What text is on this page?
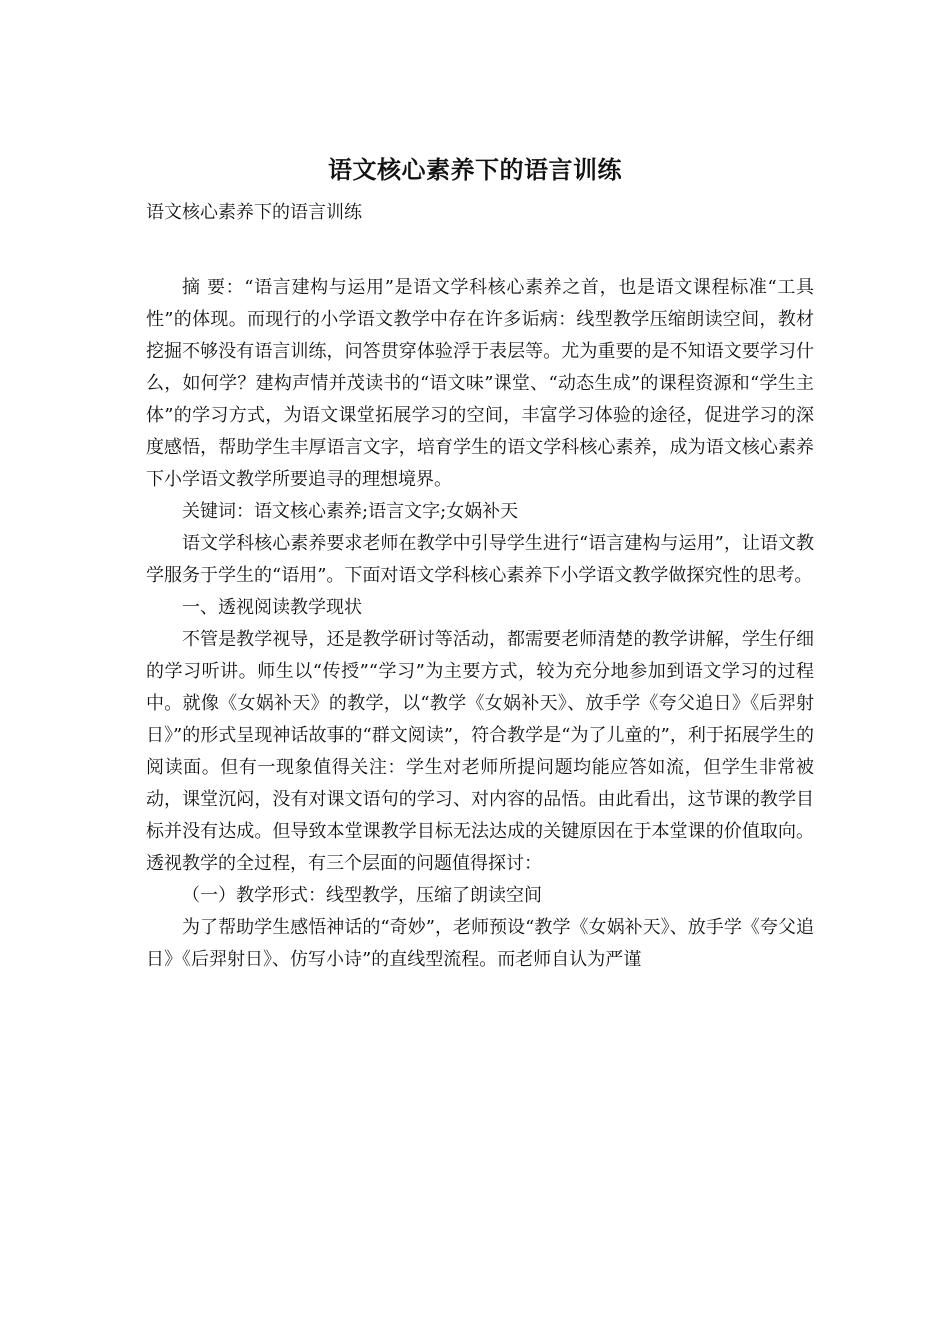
语文核心素养下的语言训练
语文核心素养下的语言训练

摘 要：“语言建构与运用”是语文学科核心素养之首，也是语文课程标准“工具性”的体现。而现行的小学语文教学中存在许多诟病：线型教学压缩朗读空间，教材挖掘不够没有语言训练，问答贯穿体验浮于表层等。尤为重要的是不知语文要学习什么，如何学？建构声情并茂读书的“语文味”课堂、“动态生成”的课程资源和“学生主体”的学习方式，为语文课堂拓展学习的空间，丰富学习体验的途径，促进学习的深度感悟，帮助学生丰厚语言文字，培育学生的语文学科核心素养，成为语文核心素养下小学语文教学所要追寻的理想境界。

关键词：语文核心素养;语言文字;女娲补天

语文学科核心素养要求老师在教学中引导学生进行“语言建构与运用”，让语文教学服务于学生的“语用”。下面对语文学科核心素养下小学语文教学做探究性的思考。

一、透视阅读教学现状

不管是教学视导，还是教学研讨等活动，都需要老师清楚的教学讲解，学生仔细的学习听讲。师生以“传授”“学习”为主要方式，较为充分地参加到语文学习的过程中。就像《女娲补天》的教学，以“教学《女娲补天》、放手学《夸父追日》《后羿射日》”的形式呈现神话故事的“群文阅读”，符合教学是“为了儿童的”，利于拓展学生的阅读面。但有一现象值得关注：学生对老师所提问题均能应答如流，但学生非常被动，课堂沉闷，没有对课文语句的学习、对内容的品悟。由此看出，这节课的教学目标并没有达成。但导致本堂课教学目标无法达成的关键原因在于本堂课的价值取向。透视教学的全过程，有三个层面的问题值得探讨：

（一）教学形式：线型教学，压缩了朗读空间

为了帮助学生感悟神话的“奇妙”，老师预设“教学《女娲补天》、放手学《夸父追日》《后羿射日》、仿写小诗”的直线型流程。而老师自认为严谨
